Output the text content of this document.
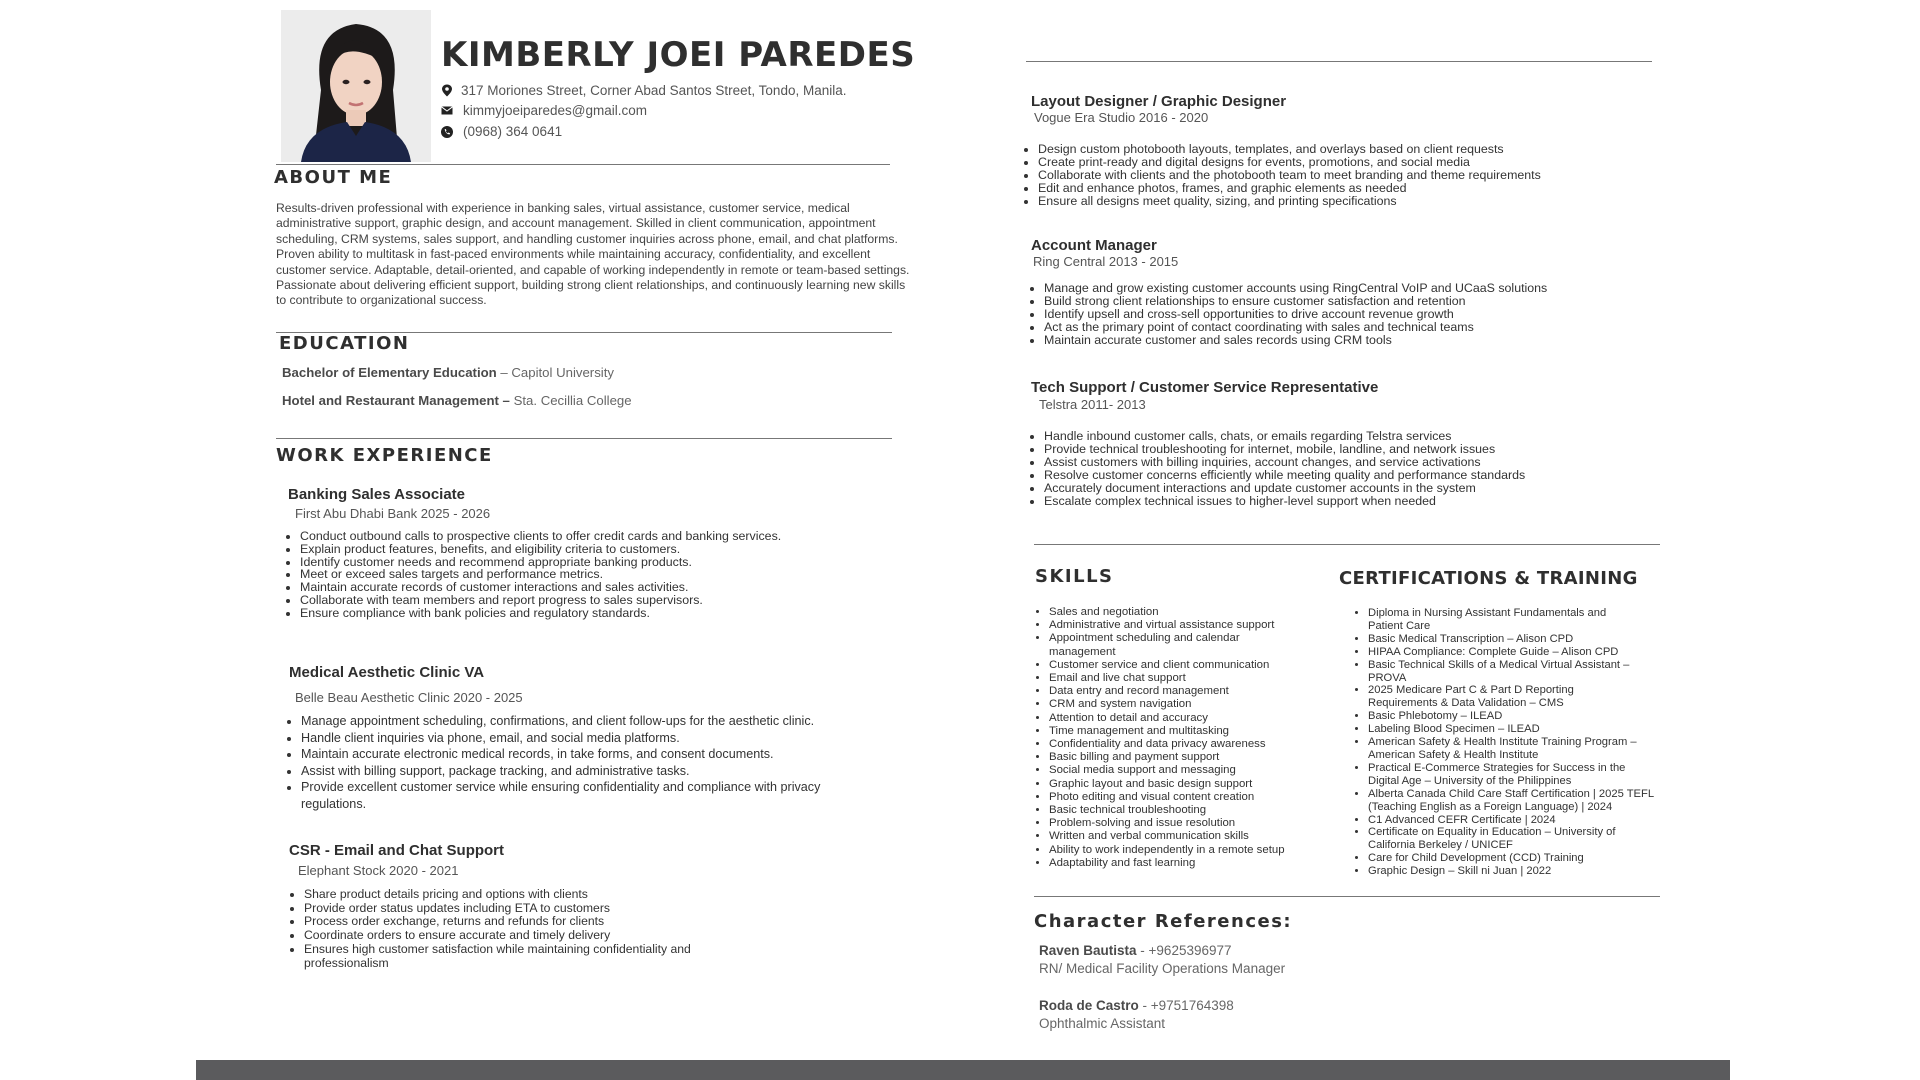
KIMBERLY JOEI PAREDES
317 Moriones Street, Corner Abad Santos Street, Tondo, Manila.
kimmyjoeiparedes@gmail.com
(0968) 364 0641
ABOUT ME
Results-driven professional with experience in banking sales, virtual assistance, customer service, medical administrative support, graphic design, and account management. Skilled in client communication, appointment scheduling, CRM systems, sales support, and handling customer inquiries across phone, email, and chat platforms. Proven ability to multitask in fast-paced environments while maintaining accuracy, confidentiality, and excellent customer service. Adaptable, detail-oriented, and capable of working independently in remote or team-based settings. Passionate about delivering efficient support, building strong client relationships, and continuously learning new skills to contribute to organizational success.
EDUCATION
Bachelor of Elementary Education – Capitol University
Hotel and Restaurant Management – Sta. Cecillia College
WORK EXPERIENCE
Banking Sales Associate
First Abu Dhabi Bank 2025 - 2026
• Conduct outbound calls to prospective clients to offer credit cards and banking services.
• Explain product features, benefits, and eligibility criteria to customers.
• Identify customer needs and recommend appropriate banking products.
• Meet or exceed sales targets and performance metrics.
• Maintain accurate records of customer interactions and sales activities.
• Collaborate with team members and report progress to sales supervisors.
• Ensure compliance with bank policies and regulatory standards.
Medical Aesthetic Clinic VA
Belle Beau Aesthetic Clinic 2020 - 2025
• Manage appointment scheduling, confirmations, and client follow-ups for the aesthetic clinic.
• Handle client inquiries via phone, email, and social media platforms.
• Maintain accurate electronic medical records, in take forms, and consent documents.
• Assist with billing support, package tracking, and administrative tasks.
• Provide excellent customer service while ensuring confidentiality and compliance with privacy regulations.
CSR - Email and Chat Support
Elephant Stock 2020 - 2021
• Share product details pricing and options with clients
• Provide order status updates including ETA to customers
• Process order exchange, returns and refunds for clients
• Coordinate orders to ensure accurate and timely delivery
• Ensures high customer satisfaction while maintaining confidentiality and professionalism
Layout Designer / Graphic Designer
Vogue Era Studio 2016 - 2020
• Design custom photobooth layouts, templates, and overlays based on client requests
• Create print-ready and digital designs for events, promotions, and social media
• Collaborate with clients and the photobooth team to meet branding and theme requirements
• Edit and enhance photos, frames, and graphic elements as needed
• Ensure all designs meet quality, sizing, and printing specifications
Account Manager
Ring Central 2013 - 2015
• Manage and grow existing customer accounts using RingCentral VoIP and UCaaS solutions
• Build strong client relationships to ensure customer satisfaction and retention
• Identify upsell and cross-sell opportunities to drive account revenue growth
• Act as the primary point of contact coordinating with sales and technical teams
• Maintain accurate customer and sales records using CRM tools
Tech Support / Customer Service Representative
Telstra 2011- 2013
• Handle inbound customer calls, chats, or emails regarding Telstra services
• Provide technical troubleshooting for internet, mobile, landline, and network issues
• Assist customers with billing inquiries, account changes, and service activations
• Resolve customer concerns efficiently while meeting quality and performance standards
• Accurately document interactions and update customer accounts in the system
• Escalate complex technical issues to higher-level support when needed
SKILLS
• Sales and negotiation
• Administrative and virtual assistance support
• Appointment scheduling and calendar management
• Customer service and client communication
• Email and live chat support
• Data entry and record management
• CRM and system navigation
• Attention to detail and accuracy
• Time management and multitasking
• Confidentiality and data privacy awareness
• Basic billing and payment support
• Social media support and messaging
• Graphic layout and basic design support
• Photo editing and visual content creation
• Basic technical troubleshooting
• Problem-solving and issue resolution
• Written and verbal communication skills
• Ability to work independently in a remote setup
• Adaptability and fast learning
CERTIFICATIONS & TRAINING
• Diploma in Nursing Assistant Fundamentals and Patient Care
• Basic Medical Transcription – Alison CPD
• HIPAA Compliance: Complete Guide – Alison CPD
• Basic Technical Skills of a Medical Virtual Assistant – PROVA
• 2025 Medicare Part C & Part D Reporting Requirements & Data Validation – CMS
• Basic Phlebotomy – ILEAD
• Labeling Blood Specimen – ILEAD
• American Safety & Health Institute Training Program – American Safety & Health Institute
• Practical E-Commerce Strategies for Success in the Digital Age – University of the Philippines
• Alberta Canada Child Care Staff Certification | 2025 TEFL (Teaching English as a Foreign Language) | 2024
• C1 Advanced CEFR Certificate | 2024
• Certificate on Equality in Education – University of California Berkeley / UNICEF
• Care for Child Development (CCD) Training
• Graphic Design – Skill ni Juan | 2022
Character References:
Raven Bautista - +9625396977
RN/ Medical Facility Operations Manager
Roda de Castro - +9751764398
Ophthalmic Assistant
